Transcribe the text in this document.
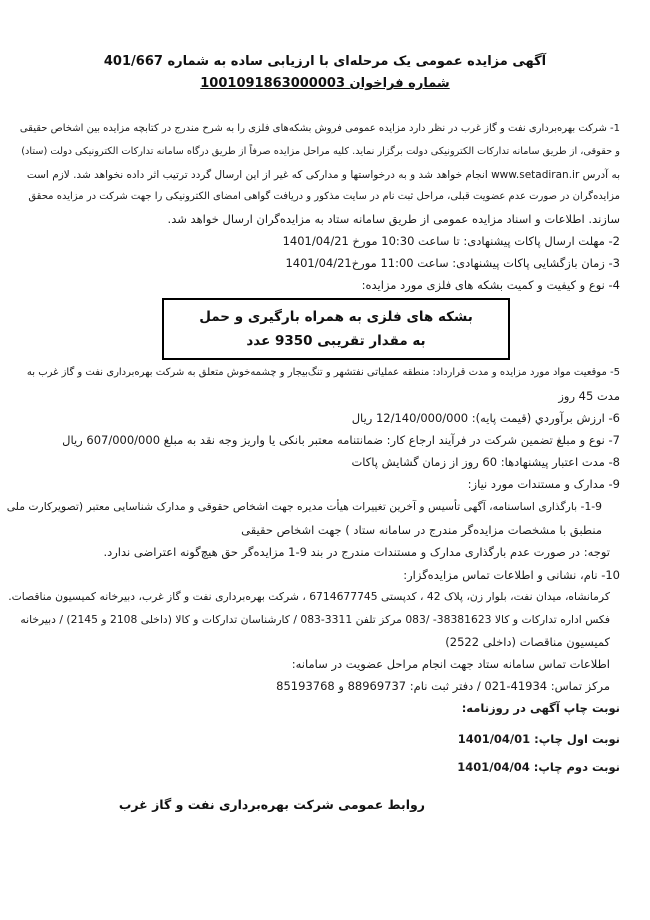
آگهی مزایده عمومی یک مرحله‌ای با ارزیابی ساده به شماره 401/667
شماره فراخوان 1001091863000003
1- شرکت بهره‌برداری نفت و گاز غرب در نظر دارد مزایده عمومی فروش بشکه‌های فلزی را به شرح مندرج در کتابچه مزایده بین اشخاص حقیقی
و حقوقی، از طریق سامانه تدارکات الکترونیکی دولت برگزار نماید. کلیه مراحل مزایده صرفاً از طریق درگاه سامانه تدارکات الکترونیکی دولت (ستاد)
به آدرس www.setadiran.ir انجام خواهد شد و به درخواستها و مدارکی که غیر از این ارسال گردد ترتیب اثر داده نخواهد شد. لازم است
مزایده‌گران در صورت عدم عضویت قبلی، مراحل ثبت نام در سایت مذکور و دریافت گواهی امضای الکترونیکی را جهت شرکت در مزایده محقق
سازند. اطلاعات و اسناد مزایده عمومی از طریق سامانه ستاد به مزایده‌گران ارسال خواهد شد.
2- مهلت ارسال پاکات پیشنهادی: تا ساعت 10:30 مورخ 1401/04/21
3- زمان بازگشایی پاکات پیشنهادی: ساعت 11:00 مورخ1401/04/21
4- نوع و کیفیت و کمیت بشکه های فلزی مورد مزایده:
بشکه های فلزی به همراه بارگیری و حمل
به مقدار تقریبی 9350 عدد
5- موقعیت مواد مورد مزایده و مدت قرارداد: منطقه عملیاتی نفتشهر و تنگ‌بیجار و چشمه‌خوش متعلق به شرکت بهره‌برداری نفت و گاز غرب به
مدت 45 روز
6- ارزش برآوردي (قیمت پایه): 12/140/000/000 ریال
7- نوع و مبلغ تضمین شرکت در فرآیند ارجاع کار: ضمانتنامه معتبر بانکی یا واریز وجه نقد به مبلغ 607/000/000 ریال
8- مدت اعتبار پیشنهادها: 60 روز از زمان گشایش پاکات
9- مدارک و مستندات مورد نیاز:
1-9- بارگذاری اساسنامه، آگهی تأسیس و آخرین تغییرات هیأت مدیره جهت اشخاص حقوقی و مدارک شناسایی معتبر (تصویرکارت ملی
منطبق با مشخصات مزایده‌گر مندرج در سامانه ستاد ) جهت اشخاص حقیقی
توجه: در صورت عدم بارگذاری مدارک و مستندات مندرج در بند 9-1 مزایده‌گر حق هیچ‌گونه اعتراضی ندارد.
10- نام، نشانی و اطلاعات تماس مزایده‌گزار:
کرمانشاه، میدان نفت، بلوار زن، پلاک 42 ، کدپستی 6714677745 ، شرکت بهره‌برداری نفت و گاز غرب، دبیرخانه کمیسیون مناقصات.
فکس اداره تدارکات و کالا 38381623- /083 مرکز تلفن 3311-083 / کارشناسان تدارکات و کالا (داخلی 2108 و 2145) / دبیرخانه
کمیسیون مناقصات (داخلی 2522)
اطلاعات تماس سامانه ستاد جهت انجام مراحل عضویت در سامانه:
مرکز تماس: 41934-021 / دفتر ثبت نام: 88969737 و 85193768
نوبت چاپ آگهی در روزنامه:
نوبت اول چاپ: 1401/04/01
نوبت دوم چاپ: 1401/04/04
روابط عمومی شرکت بهره‌برداری نفت و گاز غرب
